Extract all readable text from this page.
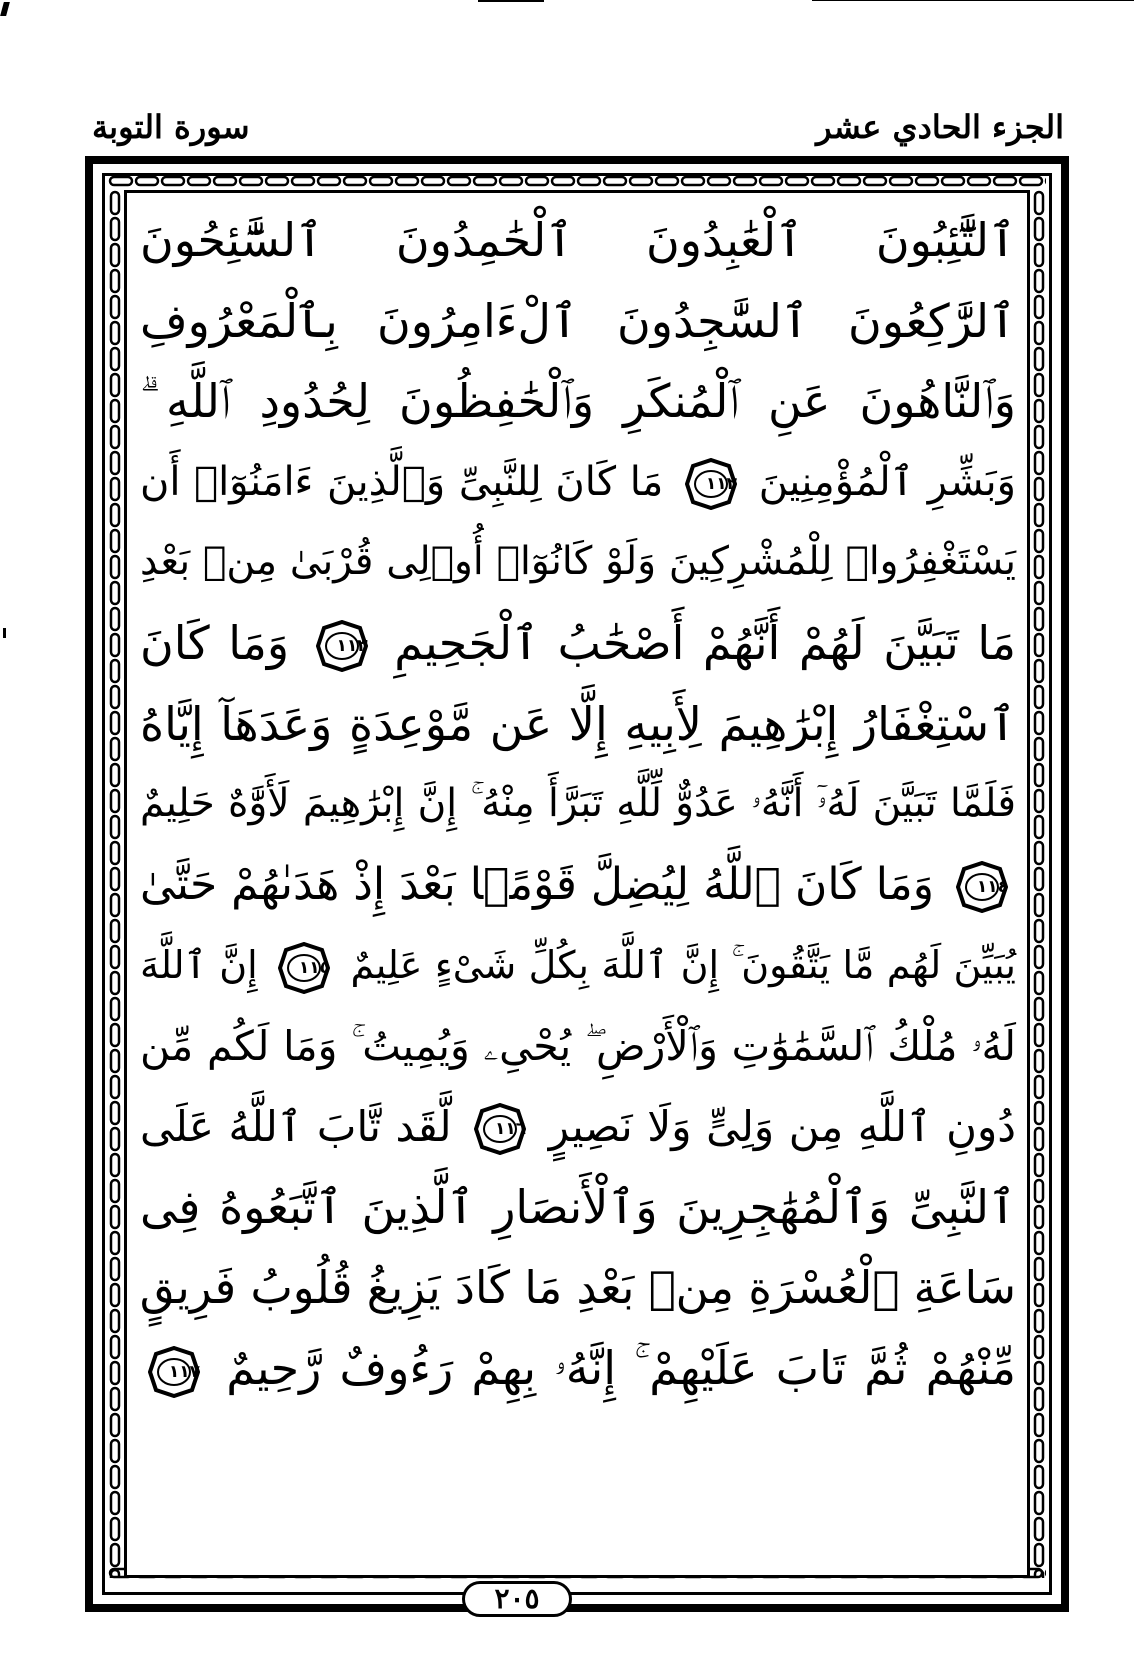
سورة التوبة	الجزء الحادي عشر
ٱلتَّٰٓئِبُونَ ٱلْعَٰبِدُونَ ٱلْحَٰمِدُونَ ٱلسَّٰٓئِحُونَ
ٱلرَّٰكِعُونَ ٱلسَّٰجِدُونَ ٱلْءَامِرُونَ بِٱلْمَعْرُوفِ
وَٱلنَّاهُونَ عَنِ ٱلْمُنكَرِ وَٱلْحَٰفِظُونَ لِحُدُودِ ٱللَّهِ ۗ
وَبَشِّرِ ٱلْمُؤْمِنِينَ
١١٢
مَا كَانَ لِلنَّبِىِّ وَٱلَّذِينَ ءَامَنُوٓا۟ أَن
يَسْتَغْفِرُوا۟ لِلْمُشْرِكِينَ وَلَوْ كَانُوٓا۟ أُو۟لِى قُرْبَىٰ مِنۢ بَعْدِ
مَا تَبَيَّنَ لَهُمْ أَنَّهُمْ أَصْحَٰبُ ٱلْجَحِيمِ
١١٣
وَمَا كَانَ
ٱسْتِغْفَارُ إِبْرَٰهِيمَ لِأَبِيهِ إِلَّا عَن مَّوْعِدَةٍ وَعَدَهَآ إِيَّاهُ
فَلَمَّا تَبَيَّنَ لَهُۥٓ أَنَّهُۥ عَدُوٌّ لِّلَّهِ تَبَرَّأَ مِنْهُ ۚ إِنَّ إِبْرَٰهِيمَ لَأَوَّٰهٌ حَلِيمٌ
١١٤
وَمَا كَانَ ٱللَّهُ لِيُضِلَّ قَوْمًۢا بَعْدَ إِذْ هَدَىٰهُمْ حَتَّىٰ
يُبَيِّنَ لَهُم مَّا يَتَّقُونَ ۚ إِنَّ ٱللَّهَ بِكُلِّ شَىْءٍ عَلِيمٌ
١١٥
إِنَّ ٱللَّهَ
لَهُۥ مُلْكُ ٱلسَّمَٰوَٰتِ وَٱلْأَرْضِ ۖ يُحْىِۦ وَيُمِيتُ ۚ وَمَا لَكُم مِّن
دُونِ ٱللَّهِ مِن وَلِىٍّ وَلَا نَصِيرٍ
١١٦
لَّقَد تَّابَ ٱللَّهُ عَلَى
ٱلنَّبِىِّ وَٱلْمُهَٰجِرِينَ وَٱلْأَنصَارِ ٱلَّذِينَ ٱتَّبَعُوهُ فِى
سَاعَةِ ٱلْعُسْرَةِ مِنۢ بَعْدِ مَا كَادَ يَزِيغُ قُلُوبُ فَرِيقٍ
مِّنْهُمْ ثُمَّ تَابَ عَلَيْهِمْ ۚ إِنَّهُۥ بِهِمْ رَءُوفٌ رَّحِيمٌ
١١٧
٢٠٥
